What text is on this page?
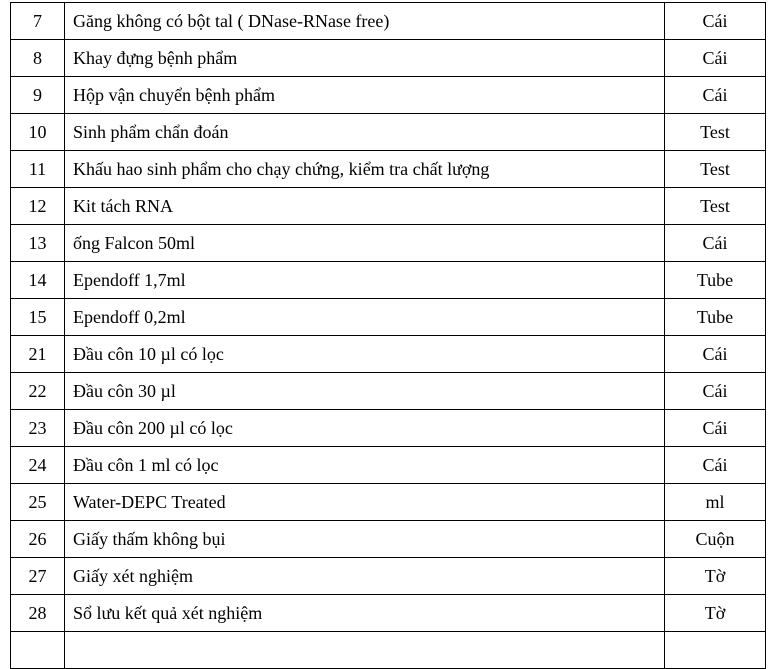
7	Găng không có bột tal ( DNase-RNase free)	Cái
8	Khay đựng bệnh phẩm	Cái
9	Hộp vận chuyển bệnh phẩm	Cái
10	Sinh phẩm chẩn đoán	Test
11	Khấu hao sinh phẩm cho chạy chứng, kiểm tra chất lượng	Test
12	Kit tách RNA	Test
13	ống Falcon 50ml	Cái
14	Ependoff 1,7ml	Tube
15	Ependoff 0,2ml	Tube
21	Đầu côn 10 µl có lọc	Cái
22	Đầu côn 30 µl	Cái
23	Đầu côn 200 µl có lọc	Cái
24	Đầu côn 1 ml có lọc	Cái
25	Water-DEPC Treated	ml
26	Giấy thấm không bụi	Cuộn
27	Giấy xét nghiệm	Tờ
28	Sổ lưu kết quả xét nghiệm	Tờ
